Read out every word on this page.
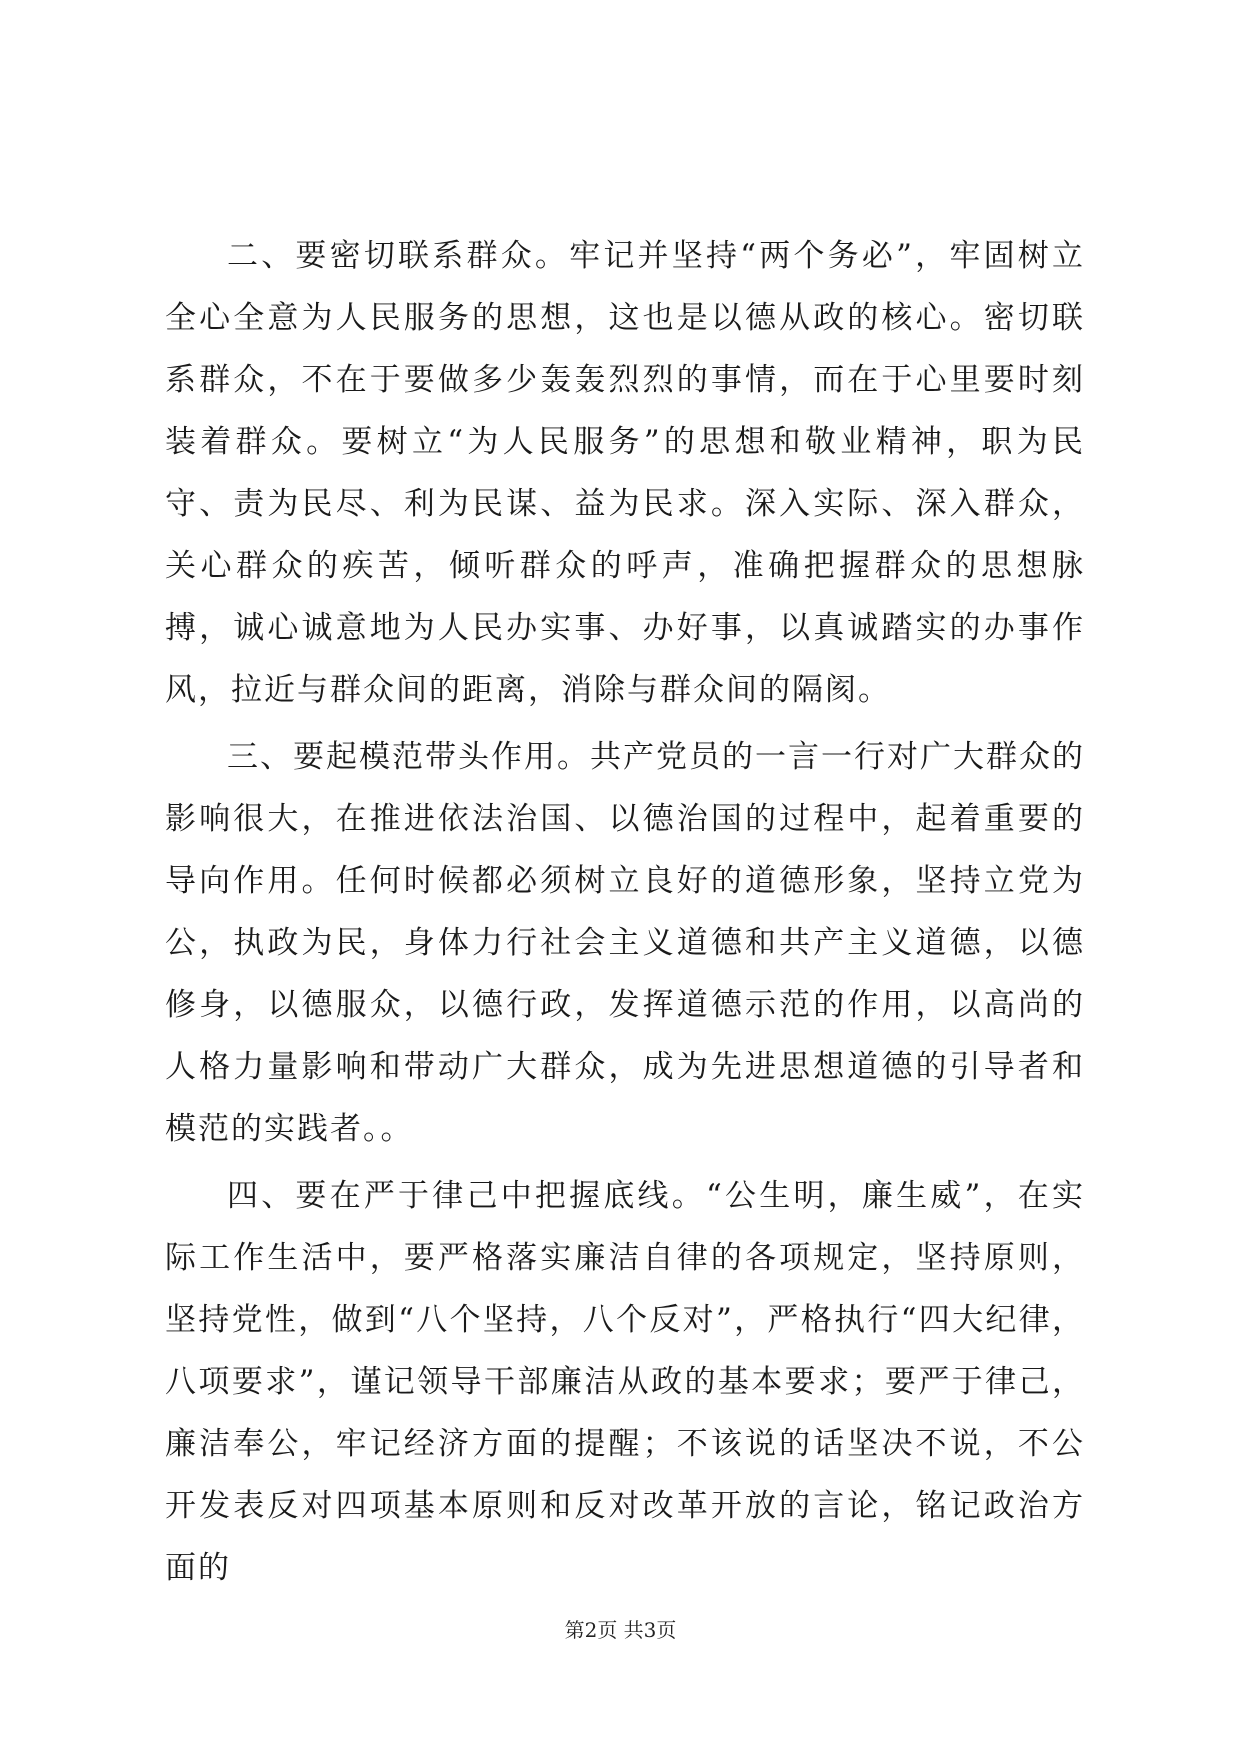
二、要密切联系群众。牢记并坚持“两个务必”，牢固树立全心全意为人民服务的思想，这也是以德从政的核心。密切联系群众，不在于要做多少轰轰烈烈的事情，而在于心里要时刻装着群众。要树立“为人民服务”的思想和敬业精神，职为民守、责为民尽、利为民谋、益为民求。深入实际、深入群众，关心群众的疾苦，倾听群众的呼声，准确把握群众的思想脉搏，诚心诚意地为人民办实事、办好事，以真诚踏实的办事作风，拉近与群众间的距离，消除与群众间的隔阂。

三、要起模范带头作用。共产党员的一言一行对广大群众的影响很大，在推进依法治国、以德治国的过程中，起着重要的导向作用。任何时候都必须树立良好的道德形象，坚持立党为公，执政为民，身体力行社会主义道德和共产主义道德，以德修身，以德服众，以德行政，发挥道德示范的作用，以高尚的人格力量影响和带动广大群众，成为先进思想道德的引导者和模范的实践者。。

四、要在严于律己中把握底线。“公生明，廉生威”，在实际工作生活中，要严格落实廉洁自律的各项规定，坚持原则，坚持党性，做到“八个坚持，八个反对”，严格执行“四大纪律，八项要求”，谨记领导干部廉洁从政的基本要求；要严于律己，廉洁奉公，牢记经济方面的提醒；不该说的话坚决不说，不公开发表反对四项基本原则和反对改革开放的言论，铭记政治方面的

第2页 共3页
